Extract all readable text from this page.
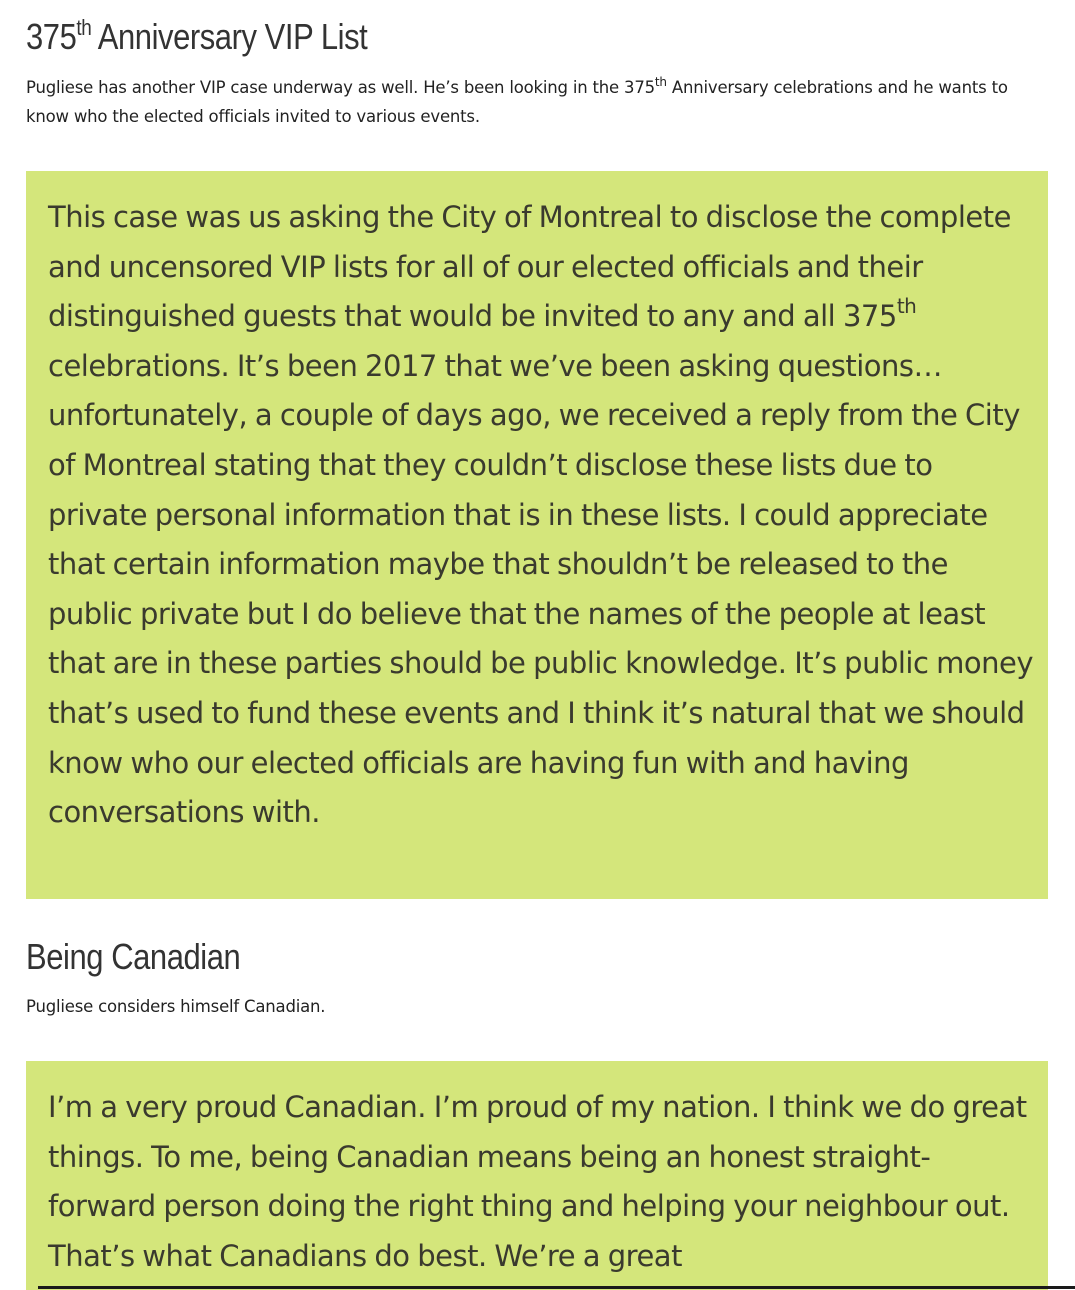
375th Anniversary VIP List

Pugliese has another VIP case underway as well. He’s been looking in the 375th Anniversary celebrations and he wants to know who the elected officials invited to various events.

This case was us asking the City of Montreal to disclose the complete and uncensored VIP lists for all of our elected officials and their distinguished guests that would be invited to any and all 375th celebrations. It’s been 2017 that we’ve been asking questions…unfortunately, a couple of days ago, we received a reply from the City of Montreal stating that they couldn’t disclose these lists due to private personal information that is in these lists. I could appreciate that certain information maybe that shouldn’t be released to the public private but I do believe that the names of the people at least that are in these parties should be public knowledge. It’s public money that’s used to fund these events and I think it’s natural that we should know who our elected officials are having fun with and having conversations with.

Being Canadian

Pugliese considers himself Canadian.

I’m a very proud Canadian. I’m proud of my nation. I think we do great things. To me, being Canadian means being an honest straight-forward person doing the right thing and helping your neighbour out. That’s what Canadians do best. We’re a great
